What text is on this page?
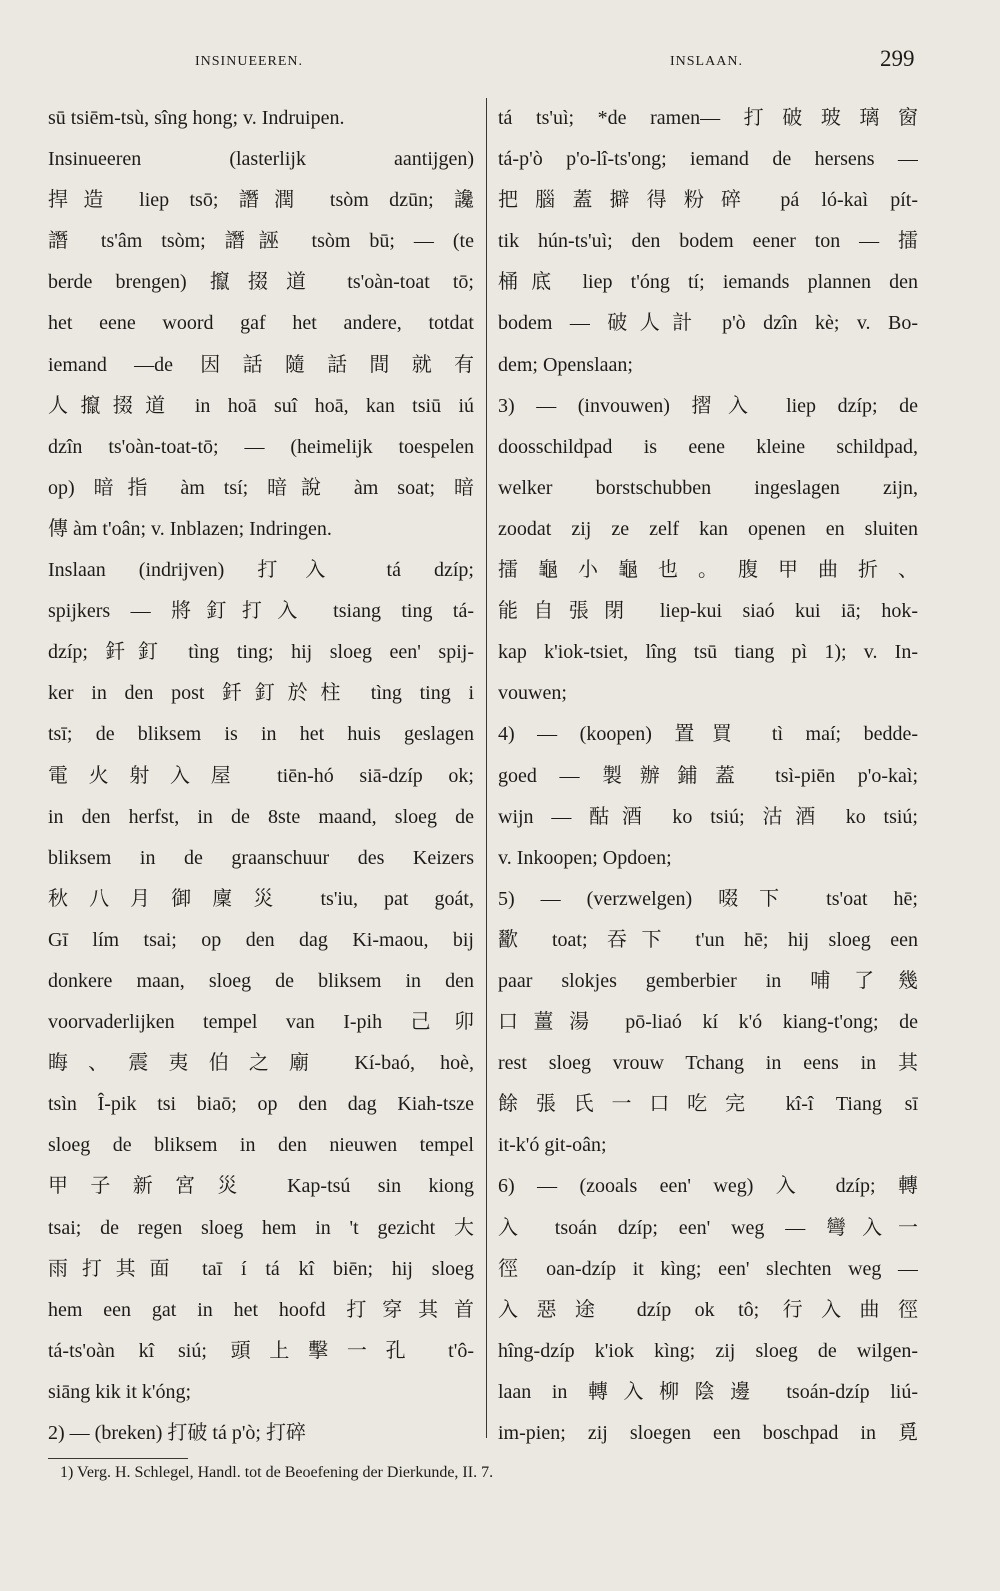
INSINUEEREN.	INSLAAN.	299
sū tsiēm-tsù, sîng hong; v. Indruipen.
Insinueeren (lasterlijk aantijgen)
捍造 liep tsō; 譖潤 tsòm dzūn; 讒
譖 ts'âm tsòm; 譖誣 tsòm bū; — (te
berde brengen) 攛掇道 ts'oàn-toat tō;
het eene woord gaf het andere, totdat
iemand —de 因話隨話間就有
人攛掇道 in hoā suî hoā, kan tsiū iú
dzîn ts'oàn-toat-tō; — (heimelijk toespelen
op) 暗指 àm tsí; 暗說 àm soat; 暗
傳 àm t'oân; v. Inblazen; Indringen.
Inslaan (indrijven) 打入 tá dzíp;
spijkers — 將釘打入 tsiang ting tá-
dzíp; 釺釘 tìng ting; hij sloeg een' spij-
ker in den post 釺釘於柱 tìng ting i
tsī; de bliksem is in het huis geslagen
電火射入屋 tiēn-hó siā-dzíp ok;
in den herfst, in de 8ste maand, sloeg de
bliksem in de graanschuur des Keizers
秋八月御廩災 ts'iu, pat goát,
Gī lím tsai; op den dag Ki-maou, bij
donkere maan, sloeg de bliksem in den
voorvaderlijken tempel van I-pih 己卯
晦、震夷伯之廟 Kí-baó, hoè,
tsìn Î-pik tsi biaō; op den dag Kiah-tsze
sloeg de bliksem in den nieuwen tempel
甲子新宮災 Kap-tsú sin kiong
tsai; de regen sloeg hem in 't gezicht 大
雨打其面 taī í tá kî biēn; hij sloeg
hem een gat in het hoofd 打穿其首
tá-ts'oàn kî siú; 頭上擊一孔 t'ô-
siāng kik it k'óng;
2) — (breken) 打破 tá p'ò; 打碎
tá ts'uì; *de ramen— 打破玻璃窗
tá-p'ò p'o-lî-ts'ong; iemand de hersens —
把腦蓋擗得粉碎 pá ló-kaì pít-
tik hún-ts'uì; den bodem eener ton — 擂
桶底 liep t'óng tí; iemands plannen den
bodem — 破人計 p'ò dzîn kè; v. Bo-
dem; Openslaan;
3) — (invouwen) 摺入 liep dzíp; de
doosschildpad is eene kleine schildpad,
welker borstschubben ingeslagen zijn,
zoodat zij ze zelf kan openen en sluiten
擂龜小龜也。腹甲曲折、
能自張閉 liep-kui siaó kui iā; hok-
kap k'iok-tsiet, lîng tsū tiang pì 1); v. In-
vouwen;
4) — (koopen) 置買 tì maí; bedde-
goed — 製辦鋪蓋 tsì-piēn p'o-kaì;
wijn — 酤酒 ko tsiú; 沽酒 ko tsiú;
v. Inkoopen; Opdoen;
5) — (verzwelgen) 啜下 ts'oat hē;
歠 toat; 吞下 t'un hē; hij sloeg een
paar slokjes gemberbier in 哺了幾
口薑湯 pō-liaó kí k'ó kiang-t'ong; de
rest sloeg vrouw Tchang in eens in 其
餘張氏一口吃完 kî-î Tiang sī
it-k'ó git-oân;
6) — (zooals een' weg) 入 dzíp; 轉
入 tsoán dzíp; een' weg — 彎入一
徑 oan-dzíp it kìng; een' slechten weg —
入惡途 dzíp ok tô; 行入曲徑
hîng-dzíp k'iok kìng; zij sloeg de wilgen-
laan in 轉入柳陰邊 tsoán-dzíp liú-
im-pien; zij sloegen een boschpad in 覓
1) Verg. H. Schlegel, Handl. tot de Beoefening der Dierkunde, II. 7.
